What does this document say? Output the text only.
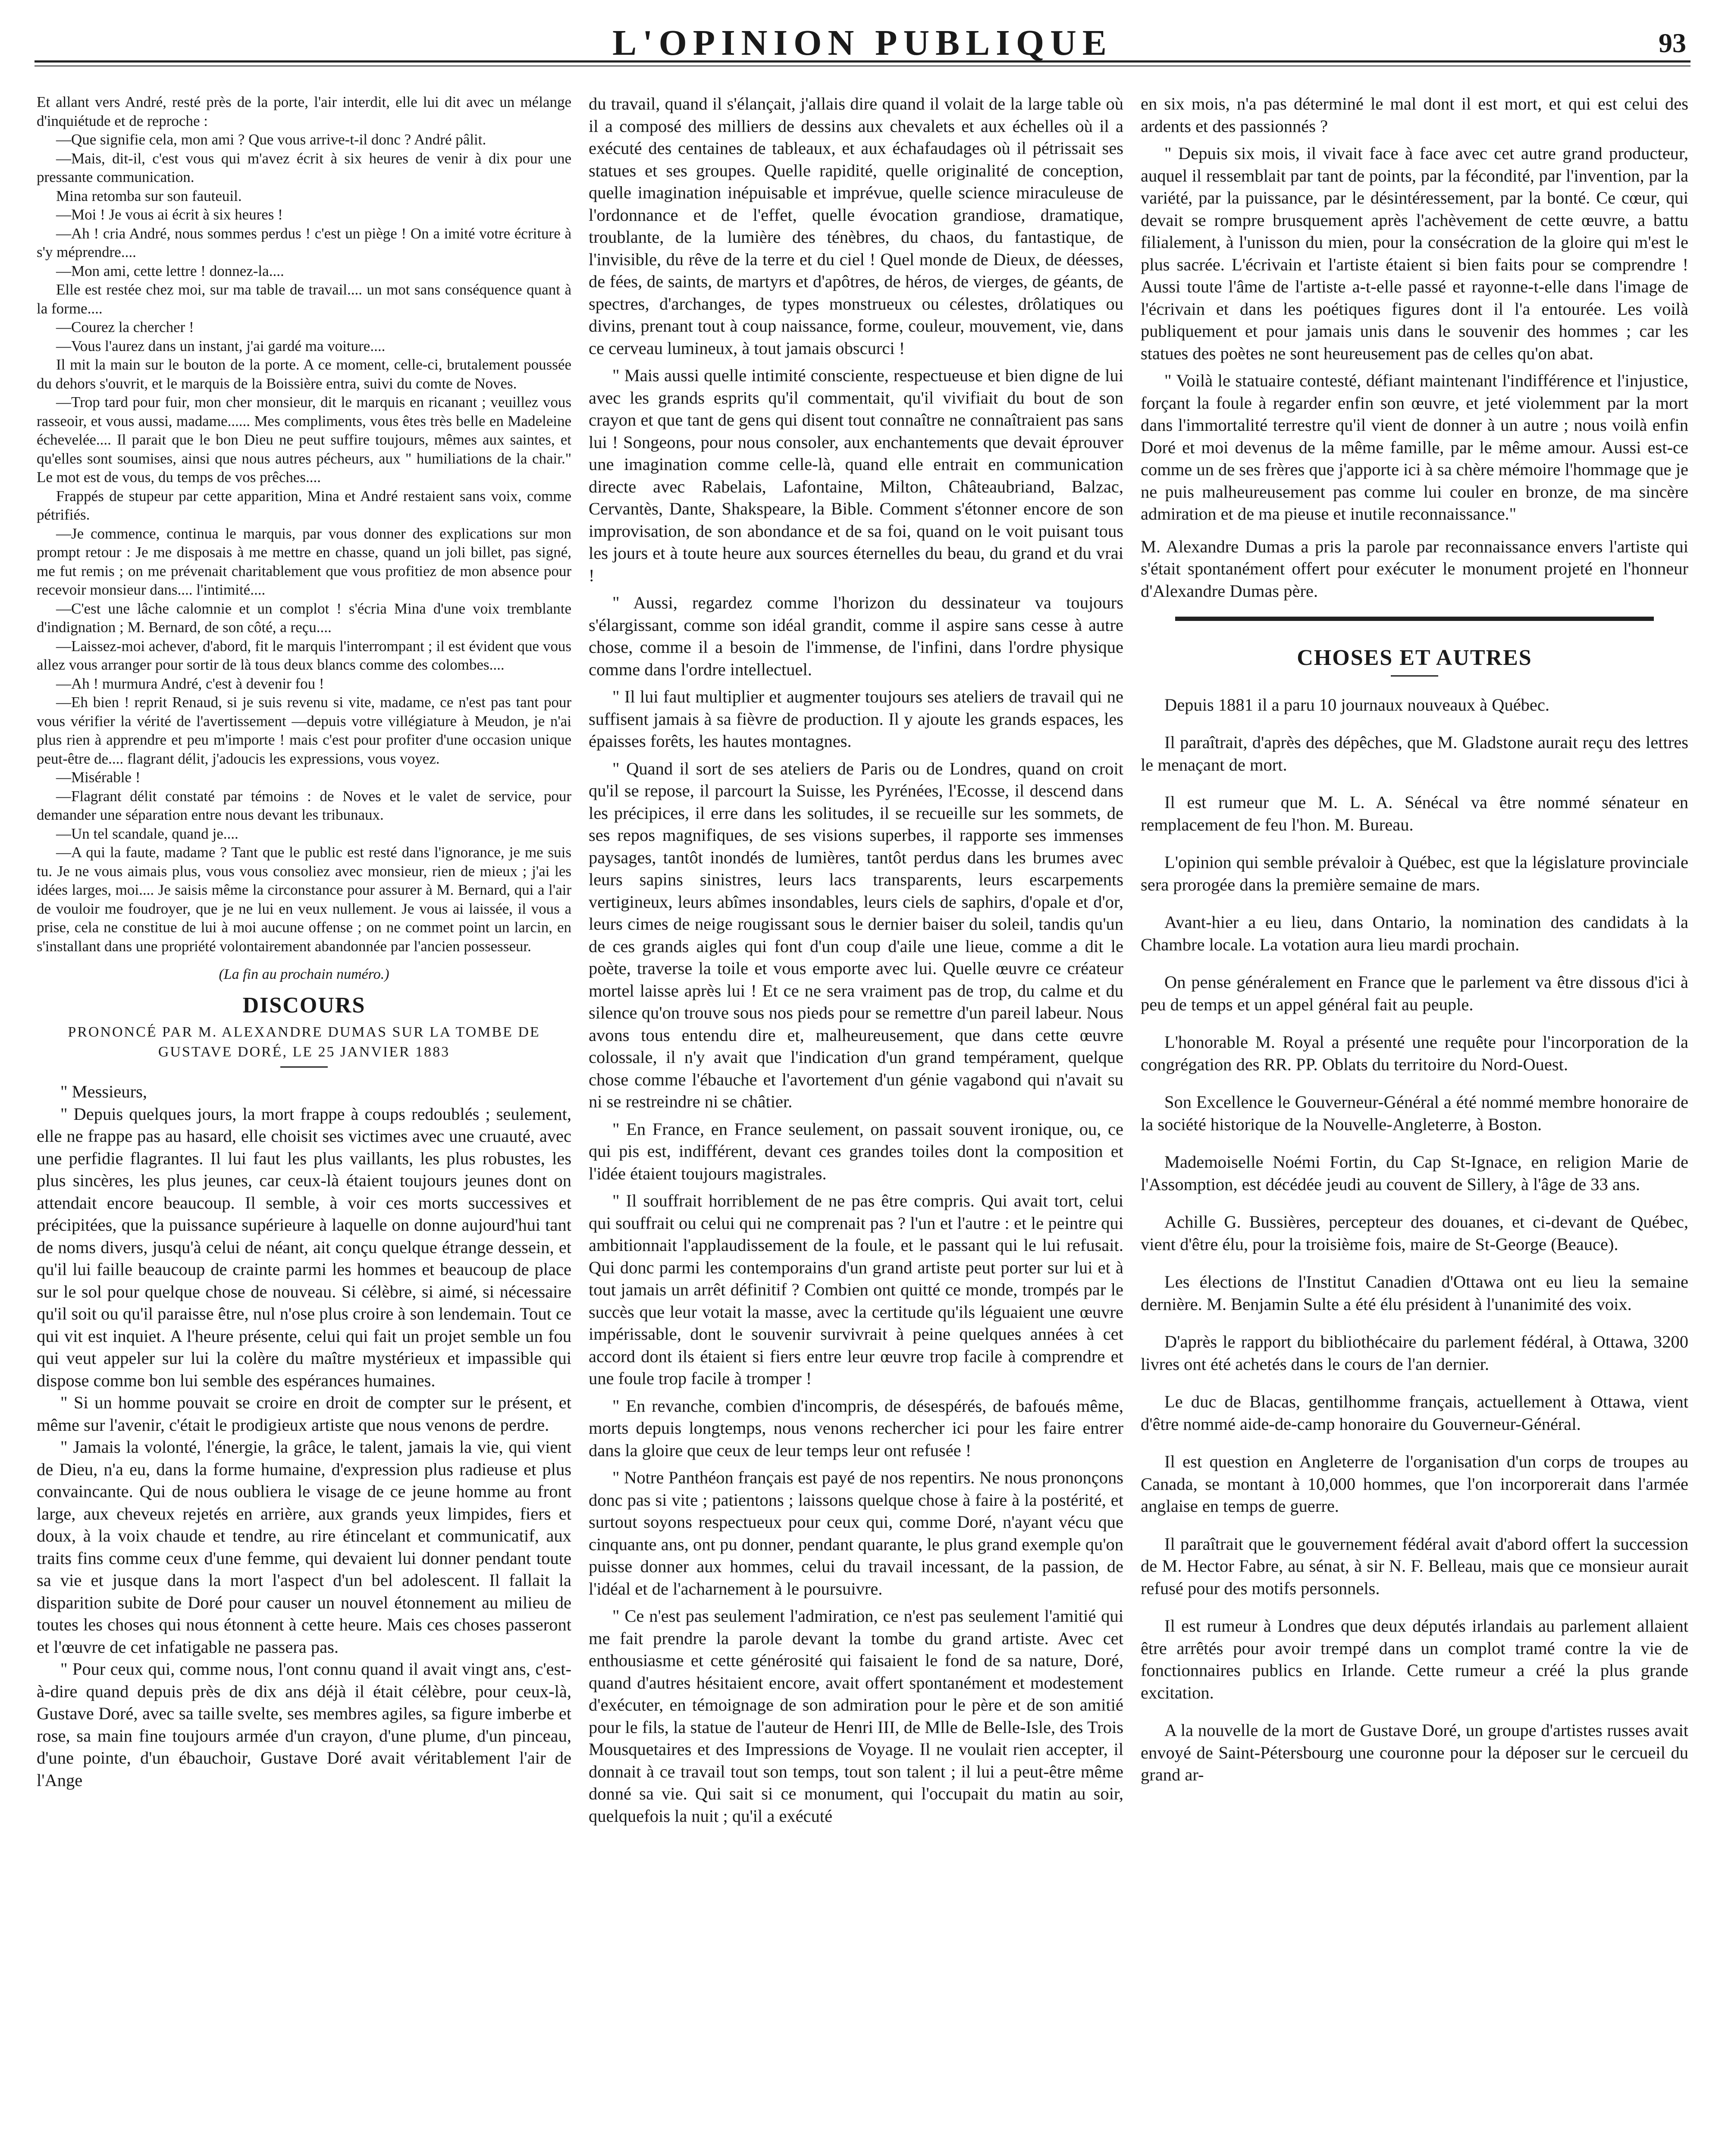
L'OPINION PUBLIQUE	93

Et allant vers André, resté près de la porte, l'air interdit, elle lui dit avec un mélange d'inquiétude et de reproche :

—Que signifie cela, mon ami ? Que vous arrive-t-il donc ? André pâlit.

—Mais, dit-il, c'est vous qui m'avez écrit à six heures de venir à dix pour une pressante communication.

Mina retomba sur son fauteuil.

—Moi ! Je vous ai écrit à six heures !

—Ah ! cria André, nous sommes perdus ! c'est un piège ! On a imité votre écriture à s'y méprendre....

—Mon ami, cette lettre ! donnez-la....

Elle est restée chez moi, sur ma table de travail.... un mot sans conséquence quant à la forme....

—Courez la chercher !

—Vous l'aurez dans un instant, j'ai gardé ma voiture....

Il mit la main sur le bouton de la porte. A ce moment, celle-ci, brutalement poussée du dehors s'ouvrit, et le marquis de la Boissière entra, suivi du comte de Noves.

—Trop tard pour fuir, mon cher monsieur, dit le marquis en ricanant ; veuillez vous rasseoir, et vous aussi, madame...... Mes compliments, vous êtes très belle en Madeleine échevelée.... Il parait que le bon Dieu ne peut suffire toujours, mêmes aux saintes, et qu'elles sont soumises, ainsi que nous autres pécheurs, aux " humiliations de la chair." Le mot est de vous, du temps de vos prêches....

Frappés de stupeur par cette apparition, Mina et André restaient sans voix, comme pétrifiés.

—Je commence, continua le marquis, par vous donner des explications sur mon prompt retour : Je me disposais à me mettre en chasse, quand un joli billet, pas signé, me fut remis ; on me prévenait charitablement que vous profitiez de mon absence pour recevoir monsieur dans.... l'intimité....

—C'est une lâche calomnie et un complot ! s'écria Mina d'une voix tremblante d'indignation ; M. Bernard, de son côté, a reçu....

—Laissez-moi achever, d'abord, fit le marquis l'interrompant ; il est évident que vous allez vous arranger pour sortir de là tous deux blancs comme des colombes....

—Ah ! murmura André, c'est à devenir fou !

—Eh bien ! reprit Renaud, si je suis revenu si vite, madame, ce n'est pas tant pour vous vérifier la vérité de l'avertissement —depuis votre villégiature à Meudon, je n'ai plus rien à apprendre et peu m'importe ! mais c'est pour profiter d'une occasion unique peut-être de.... flagrant délit, j'adoucis les expressions, vous voyez.

—Misérable !

—Flagrant délit constaté par témoins : de Noves et le valet de service, pour demander une séparation entre nous devant les tribunaux.

—Un tel scandale, quand je....

—A qui la faute, madame ? Tant que le public est resté dans l'ignorance, je me suis tu. Je ne vous aimais plus, vous vous consoliez avec monsieur, rien de mieux ; j'ai les idées larges, moi.... Je saisis même la circonstance pour assurer à M. Bernard, qui a l'air de vouloir me foudroyer, que je ne lui en veux nullement. Je vous ai laissée, il vous a prise, cela ne constitue de lui à moi aucune offense ; on ne commet point un larcin, en s'installant dans une propriété volontairement abandonnée par l'ancien possesseur.

(La fin au prochain numéro.)
DISCOURS
PRONONCÉ PAR M. ALEXANDRE DUMAS SUR LA TOMBE DE GUSTAVE DORÉ, LE 25 JANVIER 1883

" Messieurs,

" Depuis quelques jours, la mort frappe à coups redoublés ; seulement, elle ne frappe pas au hasard, elle choisit ses victimes avec une cruauté, avec une perfidie flagrantes. Il lui faut les plus vaillants, les plus robustes, les plus sincères, les plus jeunes, car ceux-là étaient toujours jeunes dont on attendait encore beaucoup. Il semble, à voir ces morts successives et précipitées, que la puissance supérieure à laquelle on donne aujourd'hui tant de noms divers, jusqu'à celui de néant, ait conçu quelque étrange dessein, et qu'il lui faille beaucoup de crainte parmi les hommes et beaucoup de place sur le sol pour quelque chose de nouveau. Si célèbre, si aimé, si nécessaire qu'il soit ou qu'il paraisse être, nul n'ose plus croire à son lendemain. Tout ce qui vit est inquiet. A l'heure présente, celui qui fait un projet semble un fou qui veut appeler sur lui la colère du maître mystérieux et impassible qui dispose comme bon lui semble des espérances humaines.

" Si un homme pouvait se croire en droit de compter sur le présent, et même sur l'avenir, c'était le prodigieux artiste que nous venons de perdre.

" Jamais la volonté, l'énergie, la grâce, le talent, jamais la vie, qui vient de Dieu, n'a eu, dans la forme humaine, d'expression plus radieuse et plus convaincante. Qui de nous oubliera le visage de ce jeune homme au front large, aux cheveux rejetés en arrière, aux grands yeux limpides, fiers et doux, à la voix chaude et tendre, au rire étincelant et communicatif, aux traits fins comme ceux d'une femme, qui devaient lui donner pendant toute sa vie et jusque dans la mort l'aspect d'un bel adolescent. Il fallait la disparition subite de Doré pour causer un nouvel étonnement au milieu de toutes les choses qui nous étonnent à cette heure. Mais ces choses passeront et l'œuvre de cet infatigable ne passera pas.

" Pour ceux qui, comme nous, l'ont connu quand il avait vingt ans, c'est-à-dire quand depuis près de dix ans déjà il était célèbre, pour ceux-là, Gustave Doré, avec sa taille svelte, ses membres agiles, sa figure imberbe et rose, sa main fine toujours armée d'un crayon, d'une plume, d'un pinceau, d'une pointe, d'un ébauchoir, Gustave Doré avait véritablement l'air de l'Ange

du travail, quand il s'élançait, j'allais dire quand il volait de la large table où il a composé des milliers de dessins aux chevalets et aux échelles où il a exécuté des centaines de tableaux, et aux échafaudages où il pétrissait ses statues et ses groupes. Quelle rapidité, quelle originalité de conception, quelle imagination inépuisable et imprévue, quelle science miraculeuse de l'ordonnance et de l'effet, quelle évocation grandiose, dramatique, troublante, de la lumière des ténèbres, du chaos, du fantastique, de l'invisible, du rêve de la terre et du ciel ! Quel monde de Dieux, de déesses, de fées, de saints, de martyrs et d'apôtres, de héros, de vierges, de géants, de spectres, d'archanges, de types monstrueux ou célestes, drôlatiques ou divins, prenant tout à coup naissance, forme, couleur, mouvement, vie, dans ce cerveau lumineux, à tout jamais obscurci !

" Mais aussi quelle intimité consciente, respectueuse et bien digne de lui avec les grands esprits qu'il commentait, qu'il vivifiait du bout de son crayon et que tant de gens qui disent tout connaître ne connaîtraient pas sans lui ! Songeons, pour nous consoler, aux enchantements que devait éprouver une imagination comme celle-là, quand elle entrait en communication directe avec Rabelais, Lafontaine, Milton, Châteaubriand, Balzac, Cervantès, Dante, Shakspeare, la Bible. Comment s'étonner encore de son improvisation, de son abondance et de sa foi, quand on le voit puisant tous les jours et à toute heure aux sources éternelles du beau, du grand et du vrai !

" Aussi, regardez comme l'horizon du dessinateur va toujours s'élargissant, comme son idéal grandit, comme il aspire sans cesse à autre chose, comme il a besoin de l'immense, de l'infini, dans l'ordre physique comme dans l'ordre intellectuel.

" Il lui faut multiplier et augmenter toujours ses ateliers de travail qui ne suffisent jamais à sa fièvre de production. Il y ajoute les grands espaces, les épaisses forêts, les hautes montagnes.

" Quand il sort de ses ateliers de Paris ou de Londres, quand on croit qu'il se repose, il parcourt la Suisse, les Pyrénées, l'Ecosse, il descend dans les précipices, il erre dans les solitudes, il se recueille sur les sommets, de ses repos magnifiques, de ses visions superbes, il rapporte ses immenses paysages, tantôt inondés de lumières, tantôt perdus dans les brumes avec leurs sapins sinistres, leurs lacs transparents, leurs escarpements vertigineux, leurs abîmes insondables, leurs ciels de saphirs, d'opale et d'or, leurs cimes de neige rougissant sous le dernier baiser du soleil, tandis qu'un de ces grands aigles qui font d'un coup d'aile une lieue, comme a dit le poète, traverse la toile et vous emporte avec lui. Quelle œuvre ce créateur mortel laisse après lui ! Et ce ne sera vraiment pas de trop, du calme et du silence qu'on trouve sous nos pieds pour se remettre d'un pareil labeur. Nous avons tous entendu dire et, malheureusement, que dans cette œuvre colossale, il n'y avait que l'indication d'un grand tempérament, quelque chose comme l'ébauche et l'avortement d'un génie vagabond qui n'avait su ni se restreindre ni se châtier.

" En France, en France seulement, on passait souvent ironique, ou, ce qui pis est, indifférent, devant ces grandes toiles dont la composition et l'idée étaient toujours magistrales.

" Il souffrait horriblement de ne pas être compris. Qui avait tort, celui qui souffrait ou celui qui ne comprenait pas ? l'un et l'autre : et le peintre qui ambitionnait l'applaudissement de la foule, et le passant qui le lui refusait. Qui donc parmi les contemporains d'un grand artiste peut porter sur lui et à tout jamais un arrêt définitif ? Combien ont quitté ce monde, trompés par le succès que leur votait la masse, avec la certitude qu'ils léguaient une œuvre impérissable, dont le souvenir survivrait à peine quelques années à cet accord dont ils étaient si fiers entre leur œuvre trop facile à comprendre et une foule trop facile à tromper !

" En revanche, combien d'incompris, de désespérés, de bafoués même, morts depuis longtemps, nous venons rechercher ici pour les faire entrer dans la gloire que ceux de leur temps leur ont refusée !

" Notre Panthéon français est payé de nos repentirs. Ne nous prononçons donc pas si vite ; patientons ; laissons quelque chose à faire à la postérité, et surtout soyons respectueux pour ceux qui, comme Doré, n'ayant vécu que cinquante ans, ont pu donner, pendant quarante, le plus grand exemple qu'on puisse donner aux hommes, celui du travail incessant, de la passion, de l'idéal et de l'acharnement à le poursuivre.

" Ce n'est pas seulement l'admiration, ce n'est pas seulement l'amitié qui me fait prendre la parole devant la tombe du grand artiste. Avec cet enthousiasme et cette générosité qui faisaient le fond de sa nature, Doré, quand d'autres hésitaient encore, avait offert spontanément et modestement d'exécuter, en témoignage de son admiration pour le père et de son amitié pour le fils, la statue de l'auteur de Henri III, de Mlle de Belle-Isle, des Trois Mousquetaires et des Impressions de Voyage. Il ne voulait rien accepter, il donnait à ce travail tout son temps, tout son talent ; il lui a peut-être même donné sa vie. Qui sait si ce monument, qui l'occupait du matin au soir, quelquefois la nuit ; qu'il a exécuté

en six mois, n'a pas déterminé le mal dont il est mort, et qui est celui des ardents et des passionnés ?

" Depuis six mois, il vivait face à face avec cet autre grand producteur, auquel il ressemblait par tant de points, par la fécondité, par l'invention, par la variété, par la puissance, par le désintéressement, par la bonté. Ce cœur, qui devait se rompre brusquement après l'achèvement de cette œuvre, a battu filialement, à l'unisson du mien, pour la consécration de la gloire qui m'est le plus sacrée. L'écrivain et l'artiste étaient si bien faits pour se comprendre ! Aussi toute l'âme de l'artiste a-t-elle passé et rayonne-t-elle dans l'image de l'écrivain et dans les poétiques figures dont il l'a entourée. Les voilà publiquement et pour jamais unis dans le souvenir des hommes ; car les statues des poètes ne sont heureusement pas de celles qu'on abat.

" Voilà le statuaire contesté, défiant maintenant l'indifférence et l'injustice, forçant la foule à regarder enfin son œuvre, et jeté violemment par la mort dans l'immortalité terrestre qu'il vient de donner à un autre ; nous voilà enfin Doré et moi devenus de la même famille, par le même amour. Aussi est-ce comme un de ses frères que j'apporte ici à sa chère mémoire l'hommage que je ne puis malheureusement pas comme lui couler en bronze, de ma sincère admiration et de ma pieuse et inutile reconnaissance."

M. Alexandre Dumas a pris la parole par reconnaissance envers l'artiste qui s'était spontanément offert pour exécuter le monument projeté en l'honneur d'Alexandre Dumas père.

CHOSES ET AUTRES

Depuis 1881 il a paru 10 journaux nouveaux à Québec.

Il paraîtrait, d'après des dépêches, que M. Gladstone aurait reçu des lettres le menaçant de mort.

Il est rumeur que M. L. A. Sénécal va être nommé sénateur en remplacement de feu l'hon. M. Bureau.

L'opinion qui semble prévaloir à Québec, est que la législature provinciale sera prorogée dans la première semaine de mars.

Avant-hier a eu lieu, dans Ontario, la nomination des candidats à la Chambre locale. La votation aura lieu mardi prochain.

On pense généralement en France que le parlement va être dissous d'ici à peu de temps et un appel général fait au peuple.

L'honorable M. Royal a présenté une requête pour l'incorporation de la congrégation des RR. PP. Oblats du territoire du Nord-Ouest.

Son Excellence le Gouverneur-Général a été nommé membre honoraire de la société historique de la Nouvelle-Angleterre, à Boston.

Mademoiselle Noémi Fortin, du Cap St-Ignace, en religion Marie de l'Assomption, est décédée jeudi au couvent de Sillery, à l'âge de 33 ans.

Achille G. Bussières, percepteur des douanes, et ci-devant de Québec, vient d'être élu, pour la troisième fois, maire de St-George (Beauce).

Les élections de l'Institut Canadien d'Ottawa ont eu lieu la semaine dernière. M. Benjamin Sulte a été élu président à l'unanimité des voix.

D'après le rapport du bibliothécaire du parlement fédéral, à Ottawa, 3200 livres ont été achetés dans le cours de l'an dernier.

Le duc de Blacas, gentilhomme français, actuellement à Ottawa, vient d'être nommé aide-de-camp honoraire du Gouverneur-Général.

Il est question en Angleterre de l'organisation d'un corps de troupes au Canada, se montant à 10,000 hommes, que l'on incorporerait dans l'armée anglaise en temps de guerre.

Il paraîtrait que le gouvernement fédéral avait d'abord offert la succession de M. Hector Fabre, au sénat, à sir N. F. Belleau, mais que ce monsieur aurait refusé pour des motifs personnels.

Il est rumeur à Londres que deux députés irlandais au parlement allaient être arrêtés pour avoir trempé dans un complot tramé contre la vie de fonctionnaires publics en Irlande. Cette rumeur a créé la plus grande excitation.

A la nouvelle de la mort de Gustave Doré, un groupe d'artistes russes avait envoyé de Saint-Pétersbourg une couronne pour la déposer sur le cercueil du grand ar-
